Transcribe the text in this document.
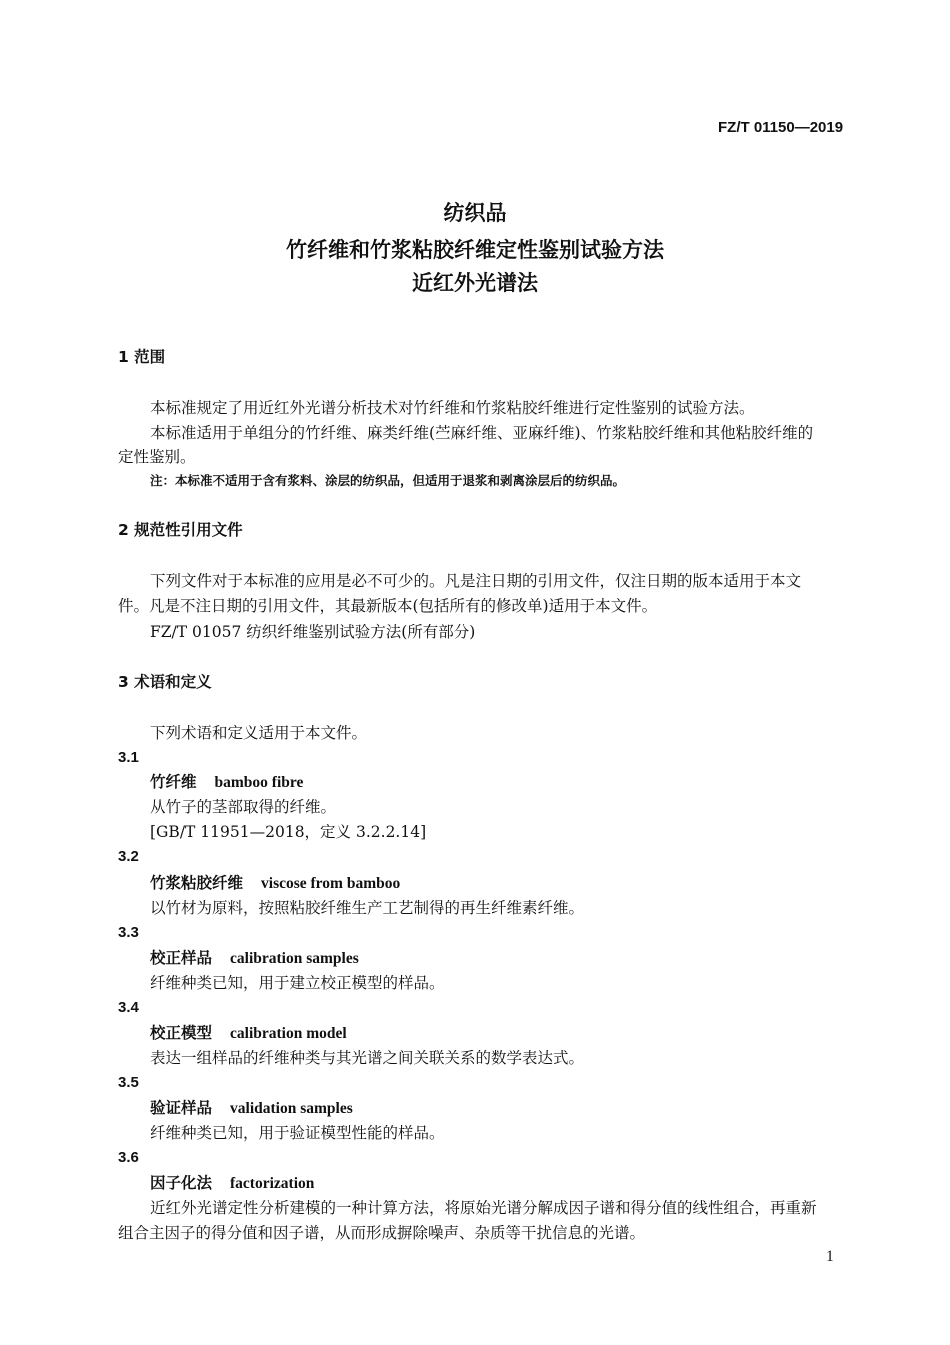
FZ/T 01150—2019
纺织品
竹纤维和竹浆粘胶纤维定性鉴别试验方法
近红外光谱法
1 范围
本标准规定了用近红外光谱分析技术对竹纤维和竹浆粘胶纤维进行定性鉴别的试验方法。
本标准适用于单组分的竹纤维、麻类纤维(苎麻纤维、亚麻纤维)、竹浆粘胶纤维和其他粘胶纤维的
定性鉴别。
注：本标准不适用于含有浆料、涂层的纺织品，但适用于退浆和剥离涂层后的纺织品。
2 规范性引用文件
下列文件对于本标准的应用是必不可少的。凡是注日期的引用文件，仅注日期的版本适用于本文
件。凡是不注日期的引用文件，其最新版本(包括所有的修改单)适用于本文件。
FZ/T 01057 纺织纤维鉴别试验方法(所有部分)
3 术语和定义
下列术语和定义适用于本文件。
3.1
竹纤维 bamboo fibre
从竹子的茎部取得的纤维。
[GB/T 11951—2018，定义 3.2.2.14]
3.2
竹浆粘胶纤维 viscose from bamboo
以竹材为原料，按照粘胶纤维生产工艺制得的再生纤维素纤维。
3.3
校正样品 calibration samples
纤维种类已知，用于建立校正模型的样品。
3.4
校正模型 calibration model
表达一组样品的纤维种类与其光谱之间关联关系的数学表达式。
3.5
验证样品 validation samples
纤维种类已知，用于验证模型性能的样品。
3.6
因子化法 factorization
近红外光谱定性分析建模的一种计算方法，将原始光谱分解成因子谱和得分值的线性组合，再重新
组合主因子的得分值和因子谱，从而形成摒除噪声、杂质等干扰信息的光谱。
1
